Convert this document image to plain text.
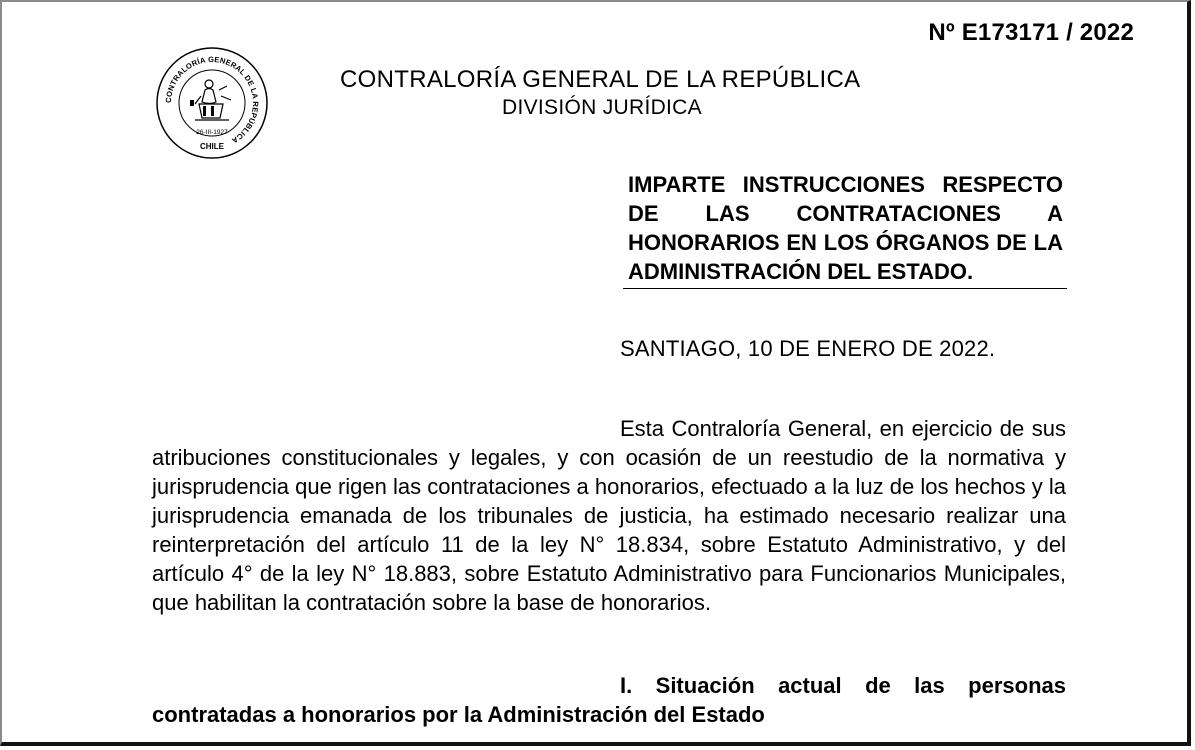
Nº E173171 / 2022
CONTRALORÍA GENERAL DE LA REPÚBLICA
26-III-1927
CHILE
CONTRALORÍA GENERAL DE LA REPÚBLICA
DIVISIÓN JURÍDICA
IMPARTE INSTRUCCIONES RESPECTO DE LAS CONTRATACIONES A HONORARIOS EN LOS ÓRGANOS DE LA ADMINISTRACIÓN DEL ESTADO.
SANTIAGO, 10 DE ENERO DE 2022.
Esta Contraloría General, en ejercicio de sus atribuciones constitucionales y legales, y con ocasión de un reestudio de la normativa y jurisprudencia que rigen las contrataciones a honorarios, efectuado a la luz de los hechos y la jurisprudencia emanada de los tribunales de justicia, ha estimado necesario realizar una reinterpretación del artículo 11 de la ley N° 18.834, sobre Estatuto Administrativo, y del artículo 4° de la ley N° 18.883, sobre Estatuto Administrativo para Funcionarios Municipales, que habilitan la contratación sobre la base de honorarios.
I. Situación actual de las personas contratadas a honorarios por la Administración del Estado
